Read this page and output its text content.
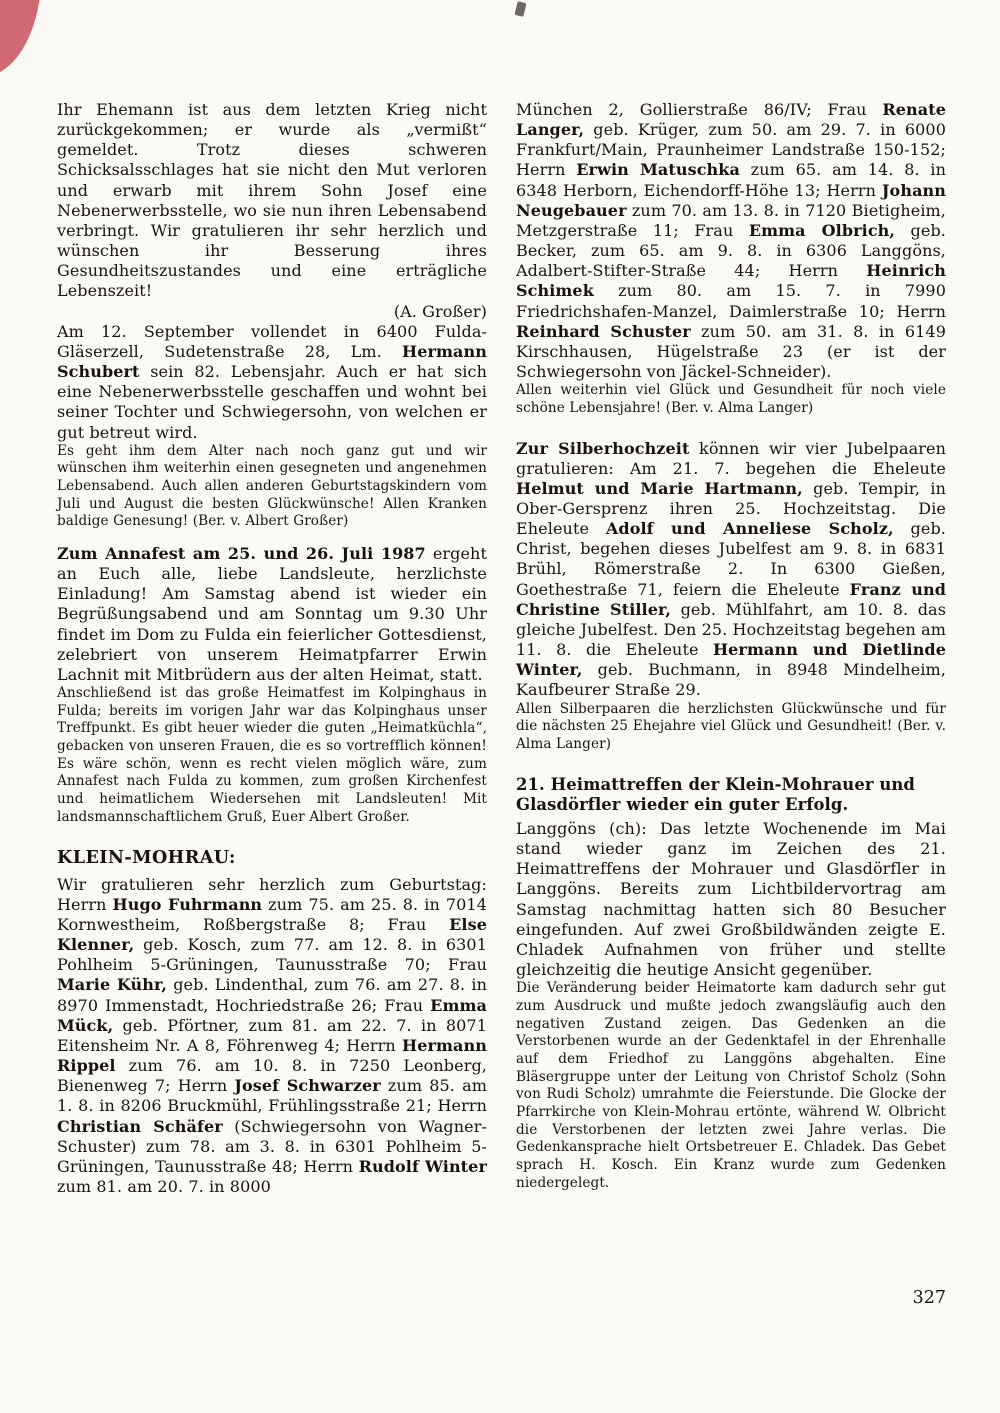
Ihr Ehemann ist aus dem letzten Krieg nicht zurückgekommen; er wurde als „vermißt“ gemeldet. Trotz dieses schweren Schicksalsschlages hat sie nicht den Mut verloren und erwarb mit ihrem Sohn Josef eine Nebenerwerbsstelle, wo sie nun ihren Lebensabend verbringt. Wir gratulieren ihr sehr herzlich und wünschen ihr Besserung ihres Gesundheitszustandes und eine erträgliche Lebenszeit!

(A. Großer)

Am 12. September vollendet in 6400 Fulda-Gläserzell, Sudetenstraße 28, Lm. Hermann Schubert sein 82. Lebensjahr. Auch er hat sich eine Nebenerwerbsstelle geschaffen und wohnt bei seiner Tochter und Schwiegersohn, von welchen er gut betreut wird.

Es geht ihm dem Alter nach noch ganz gut und wir wünschen ihm weiterhin einen gesegneten und angenehmen Lebensabend. Auch allen anderen Geburtstagskindern vom Juli und August die besten Glückwünsche! Allen Kranken baldige Genesung! (Ber. v. Albert Großer)

Zum Annafest am 25. und 26. Juli 1987 ergeht an Euch alle, liebe Landsleute, herzlichste Einladung! Am Samstag abend ist wieder ein Begrüßungsabend und am Sonntag um 9.30 Uhr findet im Dom zu Fulda ein feierlicher Gottesdienst, zelebriert von unserem Heimatpfarrer Erwin Lachnit mit Mitbrüdern aus der alten Heimat, statt.

Anschließend ist das große Heimatfest im Kolpinghaus in Fulda; bereits im vorigen Jahr war das Kolpinghaus unser Treffpunkt. Es gibt heuer wieder die guten „Heimatküchla“, gebacken von unseren Frauen, die es so vortrefflich können! Es wäre schön, wenn es recht vielen möglich wäre, zum Annafest nach Fulda zu kommen, zum großen Kirchenfest und heimatlichem Wiedersehen mit Landsleuten! Mit landsmannschaftlichem Gruß, Euer Albert Großer.

KLEIN-MOHRAU:

Wir gratulieren sehr herzlich zum Geburtstag: Herrn Hugo Fuhrmann zum 75. am 25. 8. in 7014 Kornwestheim, Roßbergstraße 8; Frau Else Klenner, geb. Kosch, zum 77. am 12. 8. in 6301 Pohlheim 5-Grüningen, Taunusstraße 70; Frau Marie Kühr, geb. Lindenthal, zum 76. am 27. 8. in 8970 Immenstadt, Hochriedstraße 26; Frau Emma Mück, geb. Pförtner, zum 81. am 22. 7. in 8071 Eitensheim Nr. A 8, Föhrenweg 4; Herrn Hermann Rippel zum 76. am 10. 8. in 7250 Leonberg, Bienenweg 7; Herrn Josef Schwarzer zum 85. am 1. 8. in 8206 Bruckmühl, Frühlingsstraße 21; Herrn Christian Schäfer (Schwiegersohn von Wagner-Schuster) zum 78. am 3. 8. in 6301 Pohlheim 5-Grüningen, Taunusstraße 48; Herrn Rudolf Winter zum 81. am 20. 7. in 8000

München 2, Gollierstraße 86/IV; Frau Renate Langer, geb. Krüger, zum 50. am 29. 7. in 6000 Frankfurt/Main, Praunheimer Landstraße 150-152; Herrn Erwin Matuschka zum 65. am 14. 8. in 6348 Herborn, Eichendorff-Höhe 13; Herrn Johann Neugebauer zum 70. am 13. 8. in 7120 Bietigheim, Metzgerstraße 11; Frau Emma Olbrich, geb. Becker, zum 65. am 9. 8. in 6306 Langgöns, Adalbert-Stifter-Straße 44; Herrn Heinrich Schimek zum 80. am 15. 7. in 7990 Friedrichshafen-Manzel, Daimlerstraße 10; Herrn Reinhard Schuster zum 50. am 31. 8. in 6149 Kirschhausen, Hügelstraße 23 (er ist der Schwiegersohn von Jäckel-Schneider).

Allen weiterhin viel Glück und Gesundheit für noch viele schöne Lebensjahre! (Ber. v. Alma Langer)

Zur Silberhochzeit können wir vier Jubelpaaren gratulieren: Am 21. 7. begehen die Eheleute Helmut und Marie Hartmann, geb. Tempir, in Ober-Gersprenz ihren 25. Hochzeitstag. Die Eheleute Adolf und Anneliese Scholz, geb. Christ, begehen dieses Jubelfest am 9. 8. in 6831 Brühl, Römerstraße 2. In 6300 Gießen, Goethestraße 71, feiern die Eheleute Franz und Christine Stiller, geb. Mühlfahrt, am 10. 8. das gleiche Jubelfest. Den 25. Hochzeitstag begehen am 11. 8. die Eheleute Hermann und Dietlinde Winter, geb. Buchmann, in 8948 Mindelheim, Kaufbeurer Straße 29.

Allen Silberpaaren die herzlichsten Glückwünsche und für die nächsten 25 Ehejahre viel Glück und Gesundheit! (Ber. v. Alma Langer)

21. Heimattreffen der Klein-Mohrauer und Glasdörfler wieder ein guter Erfolg.

Langgöns (ch): Das letzte Wochenende im Mai stand wieder ganz im Zeichen des 21. Heimattreffens der Mohrauer und Glasdörfler in Langgöns. Bereits zum Lichtbildervortrag am Samstag nachmittag hatten sich 80 Besucher eingefunden. Auf zwei Großbildwänden zeigte E. Chladek Aufnahmen von früher und stellte gleichzeitig die heutige Ansicht gegenüber.

Die Veränderung beider Heimatorte kam dadurch sehr gut zum Ausdruck und mußte jedoch zwangsläufig auch den negativen Zustand zeigen. Das Gedenken an die Verstorbenen wurde an der Gedenktafel in der Ehrenhalle auf dem Friedhof zu Langgöns abgehalten. Eine Bläsergruppe unter der Leitung von Christof Scholz (Sohn von Rudi Scholz) umrahmte die Feierstunde. Die Glocke der Pfarrkirche von Klein-Mohrau ertönte, während W. Olbricht die Verstorbenen der letzten zwei Jahre verlas. Die Gedenkansprache hielt Ortsbetreuer E. Chladek. Das Gebet sprach H. Kosch. Ein Kranz wurde zum Gedenken niedergelegt.

327
